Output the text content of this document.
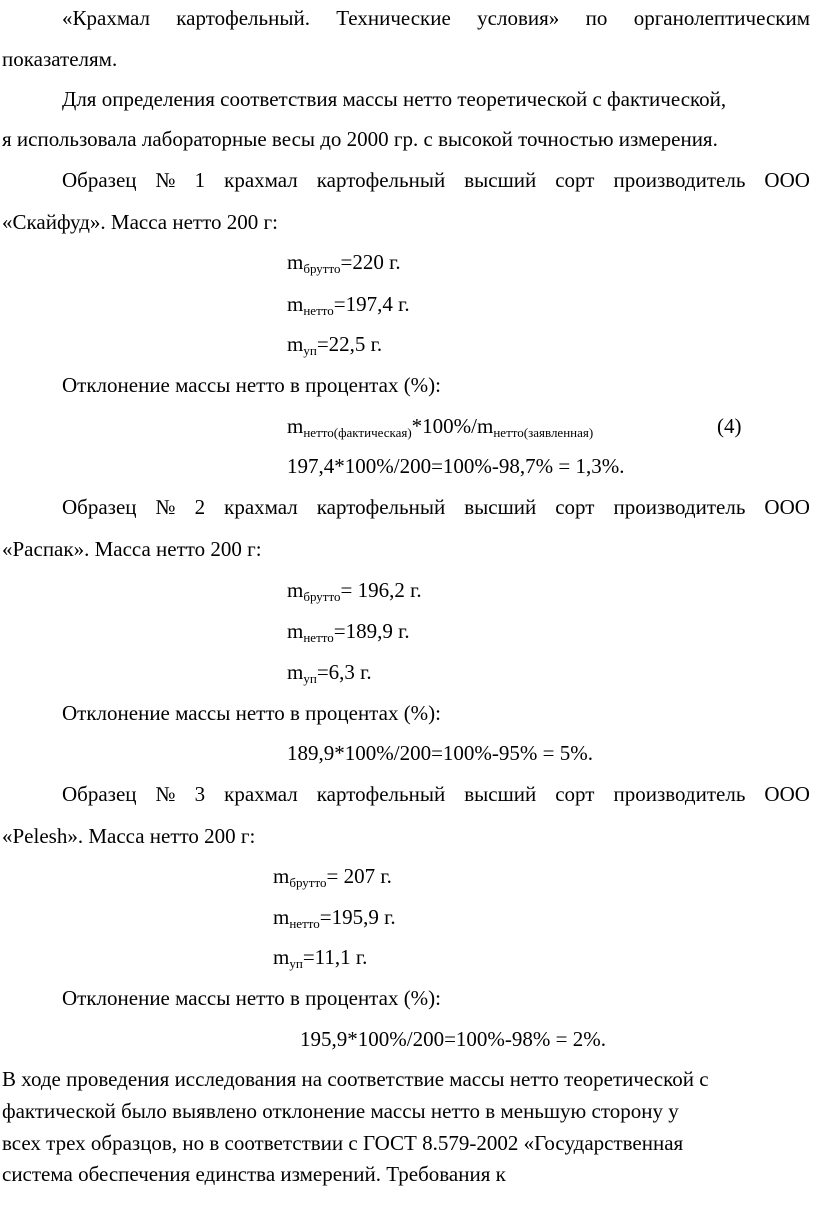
«Крахмал картофельный. Технические условия» по органолептическим
показателям.
Для определения соответствия массы нетто теоретической с фактической,
я использовала лабораторные весы до 2000 гр. с высокой точностью измерения.
Образец № 1 крахмал картофельный высший сорт производитель ООО
«Скайфуд». Масса нетто 200 г:
$m_{брутто}=220$ г.
$m_{нетто}=197,4$ г.
$m_{уп}=22,5$ г.
Отклонение массы нетто в процентах (%):
$m_{нетто(фактическая)}*100\%/m_{нетто(заявленная)}$	(4)
197,4*100%/200=100%-98,7% = 1,3%.
Образец № 2 крахмал картофельный высший сорт производитель ООО
«Распак». Масса нетто 200 г:
$m_{брутто}= 196,2$ г.
$m_{нетто}=189,9$ г.
$m_{уп}=6,3$ г.
Отклонение массы нетто в процентах (%):
189,9*100%/200=100%-95% = 5%.
Образец № 3 крахмал картофельный высший сорт производитель ООО
«Pelesh». Масса нетто 200 г:
$m_{брутто}= 207$ г.
$m_{нетто}=195,9$ г.
$m_{уп}=11,1$ г.
Отклонение массы нетто в процентах (%):
195,9*100%/200=100%-98% = 2%.
В ходе проведения исследования на соответствие массы нетто теоретической с
фактической было выявлено отклонение массы нетто в меньшую сторону у
всех трех образцов, но в соответствии с ГОСТ 8.579-2002 «Государственная
система обеспечения единства измерений. Требования к
